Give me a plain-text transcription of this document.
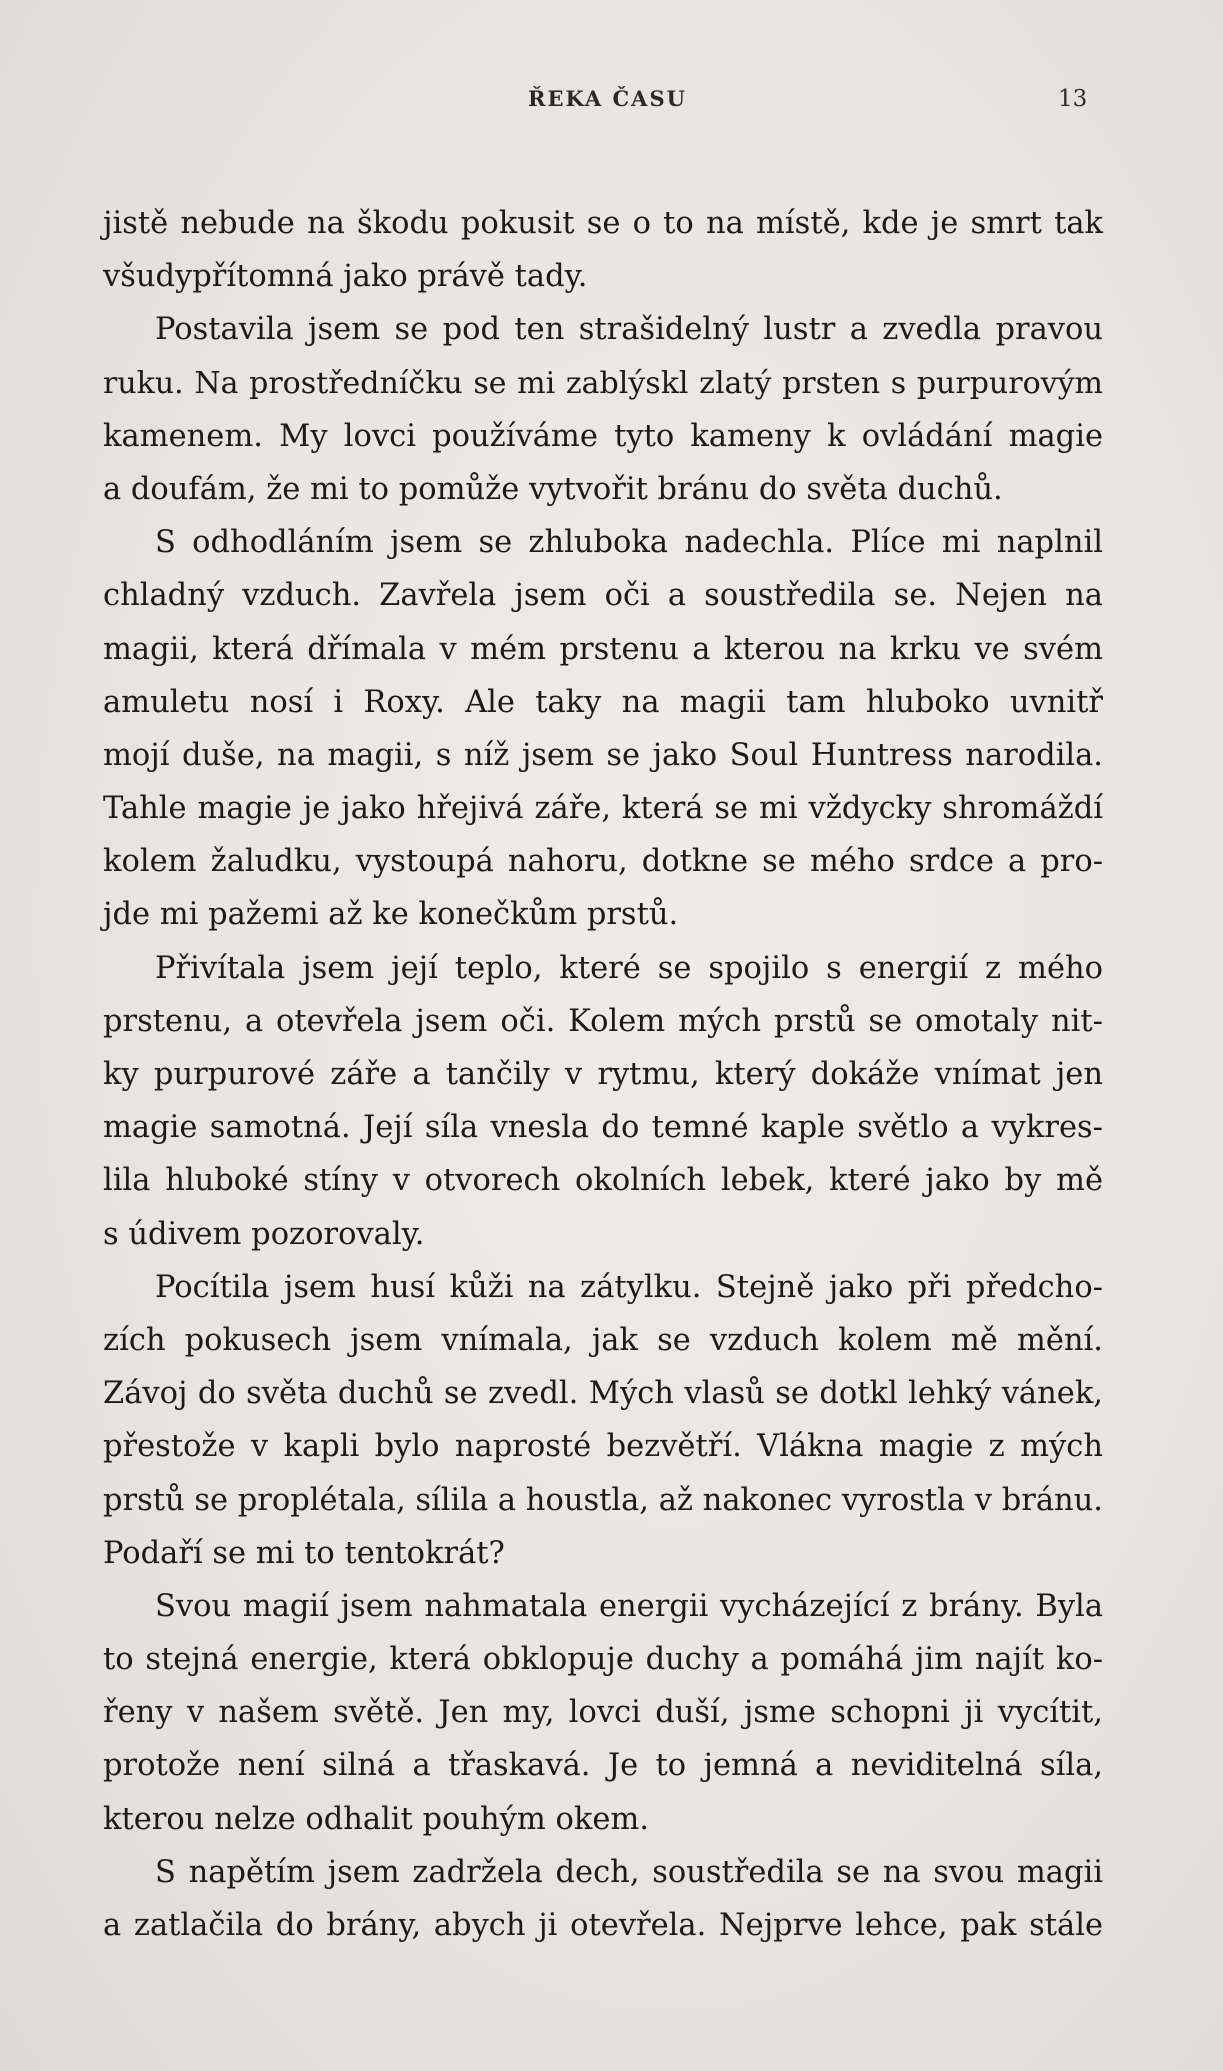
ŘEKA ČASU	13
jistě nebude na škodu pokusit se o to na místě, kde je smrt tak
všudypřítomná jako právě tady.
Postavila jsem se pod ten strašidelný lustr a zvedla pravou
ruku. Na prostředníčku se mi zablýskl zlatý prsten s purpurovým
kamenem. My lovci používáme tyto kameny k ovládání magie
a doufám, že mi to pomůže vytvořit bránu do světa duchů.
S odhodláním jsem se zhluboka nadechla. Plíce mi naplnil
chladný vzduch. Zavřela jsem oči a soustředila se. Nejen na
magii, která dřímala v mém prstenu a kterou na krku ve svém
amuletu nosí i Roxy. Ale taky na magii tam hluboko uvnitř
mojí duše, na magii, s níž jsem se jako Soul Huntress narodila.
Tahle magie je jako hřejivá záře, která se mi vždycky shromáždí
kolem žaludku, vystoupá nahoru, dotkne se mého srdce a pro-
jde mi pažemi až ke konečkům prstů.
Přivítala jsem její teplo, které se spojilo s energií z mého
prstenu, a otevřela jsem oči. Kolem mých prstů se omotaly nit-
ky purpurové záře a tančily v rytmu, který dokáže vnímat jen
magie samotná. Její síla vnesla do temné kaple světlo a vykres-
lila hluboké stíny v otvorech okolních lebek, které jako by mě
s údivem pozorovaly.
Pocítila jsem husí kůži na zátylku. Stejně jako při předcho-
zích pokusech jsem vnímala, jak se vzduch kolem mě mění.
Závoj do světa duchů se zvedl. Mých vlasů se dotkl lehký vánek,
přestože v kapli bylo naprosté bezvětří. Vlákna magie z mých
prstů se proplétala, sílila a houstla, až nakonec vyrostla v bránu.
Podaří se mi to tentokrát?
Svou magií jsem nahmatala energii vycházející z brány. Byla
to stejná energie, která obklopuje duchy a pomáhá jim najít ko-
řeny v našem světě. Jen my, lovci duší, jsme schopni ji vycítit,
protože není silná a třaskavá. Je to jemná a neviditelná síla,
kterou nelze odhalit pouhým okem.
S napětím jsem zadržela dech, soustředila se na svou magii
a zatlačila do brány, abych ji otevřela. Nejprve lehce, pak stále
